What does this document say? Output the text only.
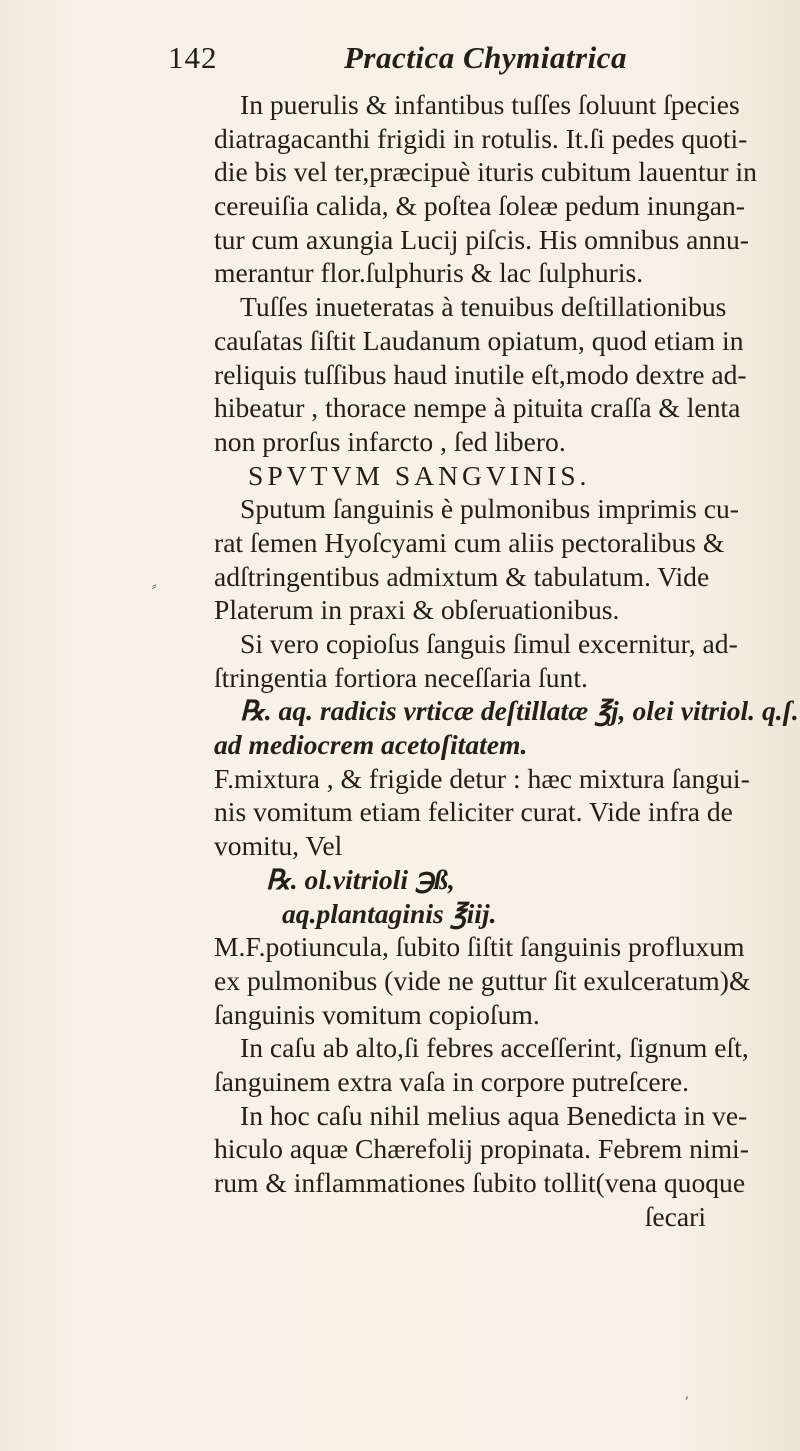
142	Practica Chymiatrica
In puerulis & infantibus tuſſes ſoluunt ſpecies
diatragacanthi frigidi in rotulis. It.ſi pedes quoti-
die bis vel ter,præcipuè ituris cubitum lauentur in
cereuiſia calida, & poſtea ſoleæ pedum inungan-
tur cum axungia Lucij piſcis. His omnibus annu-
merantur flor.ſulphuris & lac ſulphuris.
Tuſſes inueteratas à tenuibus deſtillationibus
cauſatas ſiſtit Laudanum opiatum, quod etiam in
reliquis tuſſibus haud inutile eſt,modo dextre ad-
hibeatur , thorace nempe à pituita craſſa & lenta
non prorſus infarcto , ſed libero.
SPVTVM SANGVINIS.
Sputum ſanguinis è pulmonibus imprimis cu-
rat ſemen Hyoſcyami cum aliis pectoralibus &
adſtringentibus admixtum & tabulatum. Vide
Platerum in praxi & obſeruationibus.
Si vero copioſus ſanguis ſimul excernitur, ad-
ſtringentia fortiora neceſſaria ſunt.
℞. aq. radicis vrticæ deſtillatæ ℥j, olei vitriol. q.ſ.
ad mediocrem acetoſitatem.
F.mixtura , & frigide detur : hæc mixtura ſangui-
nis vomitum etiam feliciter curat. Vide infra de
vomitu, Vel
℞. ol.vitrioli ℈ß,
aq.plantaginis ℥iij.
M.F.potiuncula, ſubito ſiſtit ſanguinis profluxum
ex pulmonibus (vide ne guttur ſit exulceratum)&
ſanguinis vomitum copioſum.
In caſu ab alto,ſi febres acceſſerint, ſignum eſt,
ſanguinem extra vaſa in corpore putreſcere.
In hoc caſu nihil melius aqua Benedicta in ve-
hiculo aquæ Chærefolij propinata. Febrem nimi-
rum & inflammationes ſubito tollit(vena quoque
ſecari
⸗
ʼ
